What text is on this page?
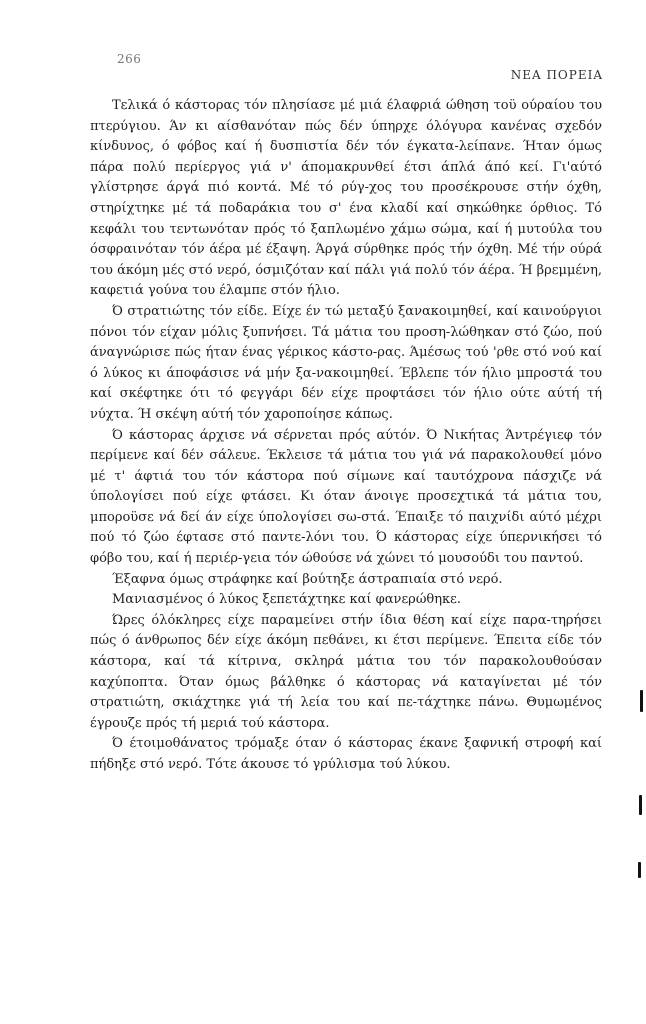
266
ΝΕΑ ΠΟΡΕΙΑ

Τελικά ό κάστορας τόν πλησίασε μέ μιά έλαφριά ώθηση τοϋ ούραίου του πτερύγιου. Άν κι αίσθανόταν πώς δέν ύπηρχε όλόγυρα κανένας σχεδόν κίνδυνος, ό φόβος καί ή δυσπιστία δέν τόν έγκατα-λείπανε. Ήταν όμως πάρα πολύ περίεργος γιά ν' άπομακρυνθεί έτσι άπλά άπό κεί. Γι'αύτό γλίστρησε άργά πιό κοντά. Μέ τό ρύγ-χος του προσέκρουσε στήν όχθη, στηρίχτηκε μέ τά ποδαράκια του σ' ένα κλαδί καί σηκώθηκε όρθιος. Τό κεφάλι του τεντωνόταν πρός τό ξαπλωμένο χάμω σώμα, καί ή μυτούλα του όσφραινόταν τόν άέρα μέ έξαψη. Άργά σύρθηκε πρός τήν όχθη. Μέ τήν ούρά του άκόμη μές στό νερό, όσμιζόταν καί πάλι γιά πολύ τόν άέρα. Ή βρεμμένη, καφετιά γούνα του έλαμπε στόν ήλιο.

Ό στρατιώτης τόν είδε. Είχε έν τώ μεταξύ ξανακοιμηθεί, καί καινούργιοι πόνοι τόν είχαν μόλις ξυπνήσει. Τά μάτια του προση-λώθηκαν στό ζώο, πού άναγνώρισε πώς ήταν ένας γέρικος κάστο-ρας. Άμέσως τού 'ρθε στό νού καί ό λύκος κι άποφάσισε νά μήν ξα-νακοιμηθεί. Έβλεπε τόν ήλιο μπροστά του καί σκέφτηκε ότι τό φεγγάρι δέν είχε προφτάσει τόν ήλιο ούτε αύτή τή νύχτα. Ή σκέψη αύτή τόν χαροποίησε κάπως.

Ό κάστορας άρχισε νά σέρνεται πρός αύτόν. Ό Νικήτας Άντρέγιεφ τόν περίμενε καί δέν σάλευε. Έκλεισε τά μάτια του γιά νά παρακολουθεί μόνο μέ τ' άφτιά του τόν κάστορα πού σίμωνε καί ταυτόχρονα πάσχιζε νά ύπολογίσει πού είχε φτάσει. Κι όταν άνοιγε προσεχτικά τά μάτια του, μποροϋσε νά δεί άν είχε ύπολογίσει σω-στά. Έπαιξε τό παιχνίδι αύτό μέχρι πού τό ζώο έφτασε στό παντε-λόνι του. Ό κάστορας είχε ύπερνικήσει τό φόβο του, καί ή περιέρ-γεια τόν ώθούσε νά χώνει τό μουσούδι του παντού.

Έξαφνα όμως στράφηκε καί βούτηξε άστραπιαία στό νερό.

Μανιασμένος ό λύκος ξεπετάχτηκε καί φανερώθηκε.

Ώρες όλόκληρες είχε παραμείνει στήν ίδια θέση καί είχε παρα-τηρήσει πώς ό άνθρωπος δέν είχε άκόμη πεθάνει, κι έτσι περίμενε. Έπειτα είδε τόν κάστορα, καί τά κίτρινα, σκληρά μάτια του τόν παρακολουθούσαν καχύποπτα. Όταν όμως βάλθηκε ό κάστορας νά καταγίνεται μέ τόν στρατιώτη, σκιάχτηκε γιά τή λεία του καί πε-τάχτηκε πάνω. Θυμωμένος έγρουζε πρός τή μεριά τού κάστορα.

Ό έτοιμοθάνατος τρόμαξε όταν ό κάστορας έκανε ξαφνική στροφή καί πήδηξε στό νερό. Τότε άκουσε τό γρύλισμα τού λύκου.
